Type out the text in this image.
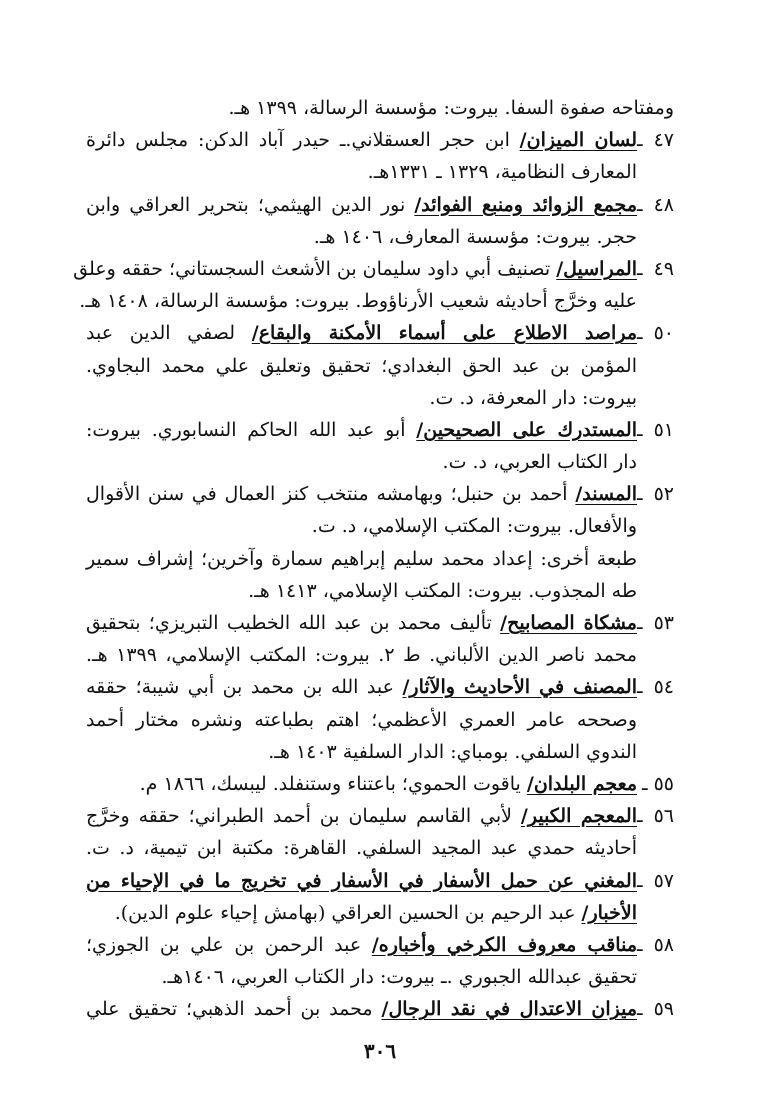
ومفتاحه صفوة السفا. بيروت: مؤسسة الرسالة، ١٣٩٩ هـ.
٤٧ ـلسان الميزان/ ابن حجر العسقلاني.ـ حيدر آباد الدكن: مجلس دائرة
المعارف النظامية، ١٣٢٩ ـ ١٣٣١هـ.
٤٨ ـمجمع الزوائد ومنبع الفوائد/ نور الدين الهيثمي؛ بتحرير العراقي وابن
حجر. بيروت: مؤسسة المعارف، ١٤٠٦ هـ.
٤٩ ـالمراسيل/ تصنيف أبي داود سليمان بن الأشعث السجستاني؛ حققه وعلق
عليه وخرَّج أحاديثه شعيب الأرناؤوط. بيروت: مؤسسة الرسالة، ١٤٠٨ هـ.
٥٠ ـمراصد الاطلاع على أسماء الأمكنة والبقاع/ لصفي الدين عبد
المؤمن بن عبد الحق البغدادي؛ تحقيق وتعليق علي محمد البجاوي.
بيروت: دار المعرفة، د. ت.
٥١ ـالمستدرك على الصحيحين/ أبو عبد الله الحاكم النسابوري. بيروت:
دار الكتاب العربي، د. ت.
٥٢ ـالمسند/ أحمد بن حنبل؛ وبهامشه منتخب كنز العمال في سنن الأقوال
والأفعال. بيروت: المكتب الإسلامي، د. ت.
طبعة أخرى: إعداد محمد سليم إبراهيم سمارة وآخرين؛ إشراف سمير
طه المجذوب. بيروت: المكتب الإسلامي، ١٤١٣ هـ.
٥٣ ـمشكاة المصابيح/ تأليف محمد بن عبد الله الخطيب التبريزي؛ بتحقيق
محمد ناصر الدين الألباني. ط ٢. بيروت: المكتب الإسلامي، ١٣٩٩ هـ.
٥٤ ـالمصنف في الأحاديث والآثار/ عبد الله بن محمد بن أبي شيبة؛ حققه
وصححه عامر العمري الأعظمي؛ اهتم بطباعته ونشره مختار أحمد
الندوي السلفي. بومباي: الدار السلفية ١٤٠٣ هـ.
٥٥ ـمعجم البلدان/ ياقوت الحموي؛ باعتناء وستنفلد. ليبسك، ١٨٦٦ م.
٥٦ ـالمعجم الكبير/ لأبي القاسم سليمان بن أحمد الطبراني؛ حققه وخرَّج
أحاديثه حمدي عبد المجيد السلفي. القاهرة: مكتبة ابن تيمية، د. ت.
٥٧ ـالمغني عن حمل الأسفار في الأسفار في تخريج ما في الإحياء من
الأخبار/ عبد الرحيم بن الحسين العراقي (بهامش إحياء علوم الدين).
٥٨ ـمناقب معروف الكرخي وأخباره/ عبد الرحمن بن علي بن الجوزي؛
تحقيق عبدالله الجبوري .ـ بيروت: دار الكتاب العربي، ١٤٠٦هـ.
٥٩ ـميزان الاعتدال في نقد الرجال/ محمد بن أحمد الذهبي؛ تحقيق علي
٣٠٦
